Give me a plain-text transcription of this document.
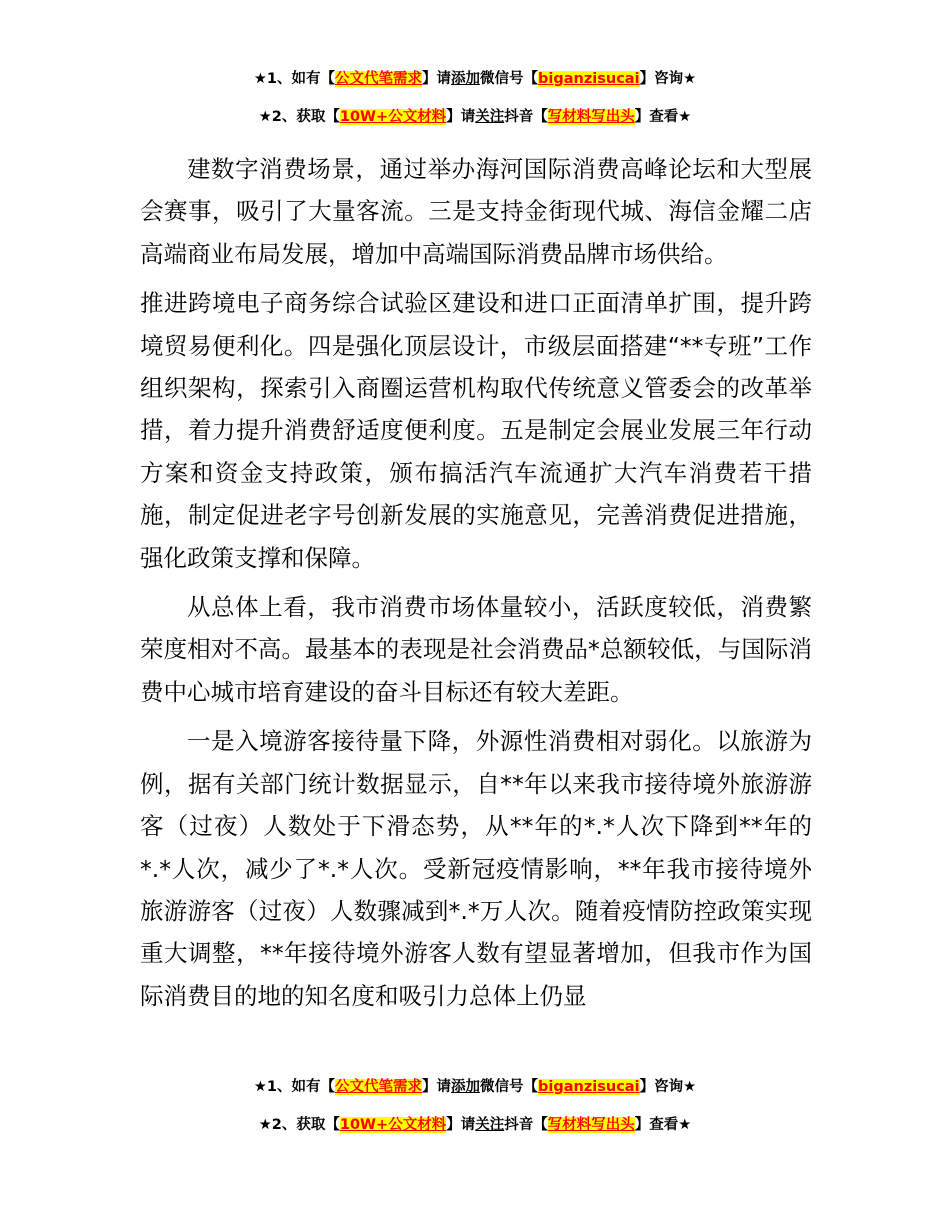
★1、如有【公文代笔需求】请添加微信号【biganzisucai】咨询★
★2、获取【10W+公文材料】请关注抖音【写材料写出头】查看★

建数字消费场景，通过举办海河国际消费高峰论坛和大型展会赛事，吸引了大量客流。三是支持金街现代城、海信金耀二店高端商业布局发展，增加中高端国际消费品牌市场供给。

推进跨境电子商务综合试验区建设和进口正面清单扩围，提升跨境贸易便利化。四是强化顶层设计，市级层面搭建“**专班”工作组织架构，探索引入商圈运营机构取代传统意义管委会的改革举措，着力提升消费舒适度便利度。五是制定会展业发展三年行动方案和资金支持政策，颁布搞活汽车流通扩大汽车消费若干措施，制定促进老字号创新发展的实施意见，完善消费促进措施，强化政策支撑和保障。

从总体上看，我市消费市场体量较小，活跃度较低，消费繁荣度相对不高。最基本的表现是社会消费品*总额较低，与国际消费中心城市培育建设的奋斗目标还有较大差距。

一是入境游客接待量下降，外源性消费相对弱化。以旅游为例，据有关部门统计数据显示，自**年以来我市接待境外旅游游客（过夜）人数处于下滑态势，从**年的*.*人次下降到**年的*.*人次，减少了*.*人次。受新冠疫情影响，**年我市接待境外旅游游客（过夜）人数骤减到*.*万人次。随着疫情防控政策实现重大调整，**年接待境外游客人数有望显著增加，但我市作为国际消费目的地的知名度和吸引力总体上仍显

★1、如有【公文代笔需求】请添加微信号【biganzisucai】咨询★
★2、获取【10W+公文材料】请关注抖音【写材料写出头】查看★
